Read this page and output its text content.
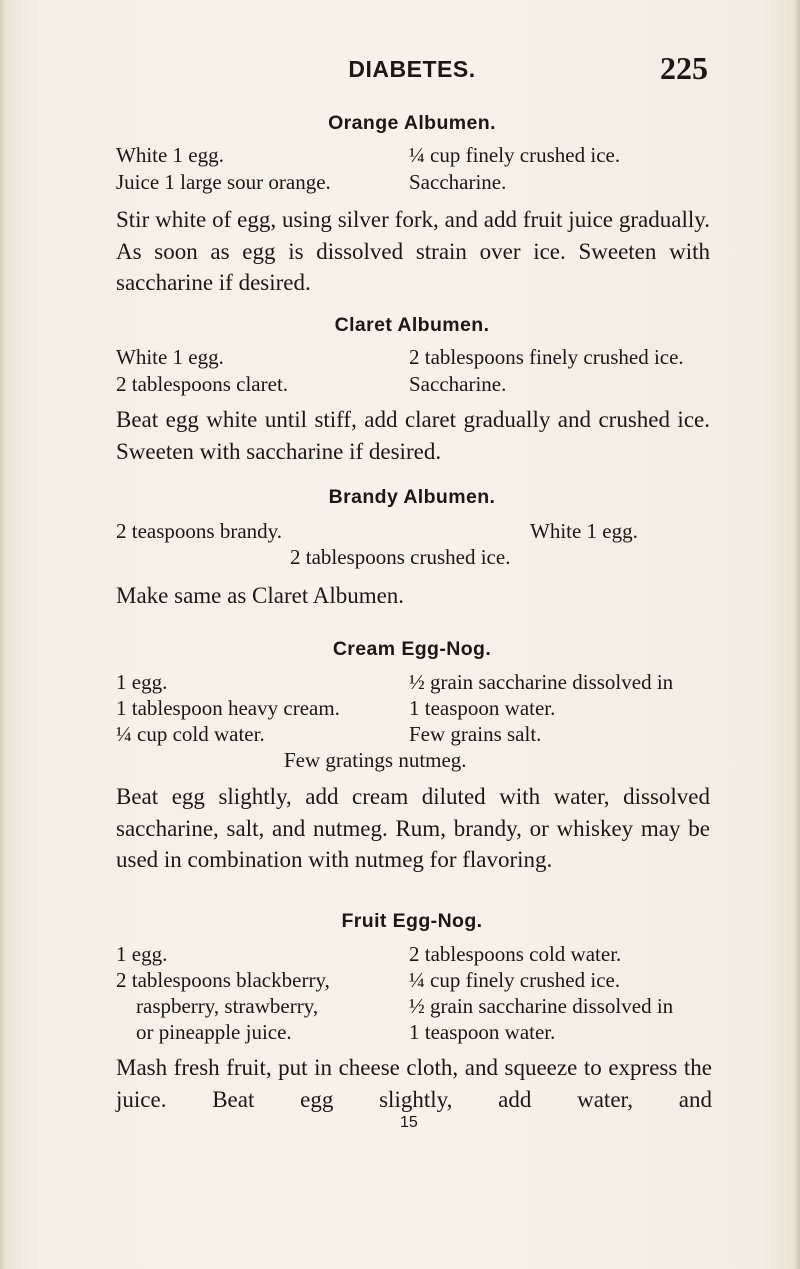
DIABETES.	225
Orange Albumen.
White 1 egg.	¼ cup finely crushed ice.
Juice 1 large sour orange.	Saccharine.
Stir white of egg, using silver fork, and add fruit juice gradually. As soon as egg is dissolved strain over ice. Sweeten with saccharine if desired.
Claret Albumen.
White 1 egg.	2 tablespoons finely crushed ice.
2 tablespoons claret.	Saccharine.
Beat egg white until stiff, add claret gradually and crushed ice. Sweeten with saccharine if desired.
Brandy Albumen.
2 teaspoons brandy.	White 1 egg.
2 tablespoons crushed ice.
Make same as Claret Albumen.
Cream Egg-Nog.
1 egg.	½ grain saccharine dissolved in
1 tablespoon heavy cream.	1 teaspoon water.
¼ cup cold water.	Few grains salt.
Few gratings nutmeg.
Beat egg slightly, add cream diluted with water, dissolved saccharine, salt, and nutmeg. Rum, brandy, or whiskey may be used in combination with nutmeg for flavoring.
Fruit Egg-Nog.
1 egg.	2 tablespoons cold water.
2 tablespoons blackberry,	¼ cup finely crushed ice.
raspberry, strawberry,	½ grain saccharine dissolved in
or pineapple juice.	1 teaspoon water.
Mash fresh fruit, put in cheese cloth, and squeeze to express the juice. Beat egg slightly, add water, and
15
